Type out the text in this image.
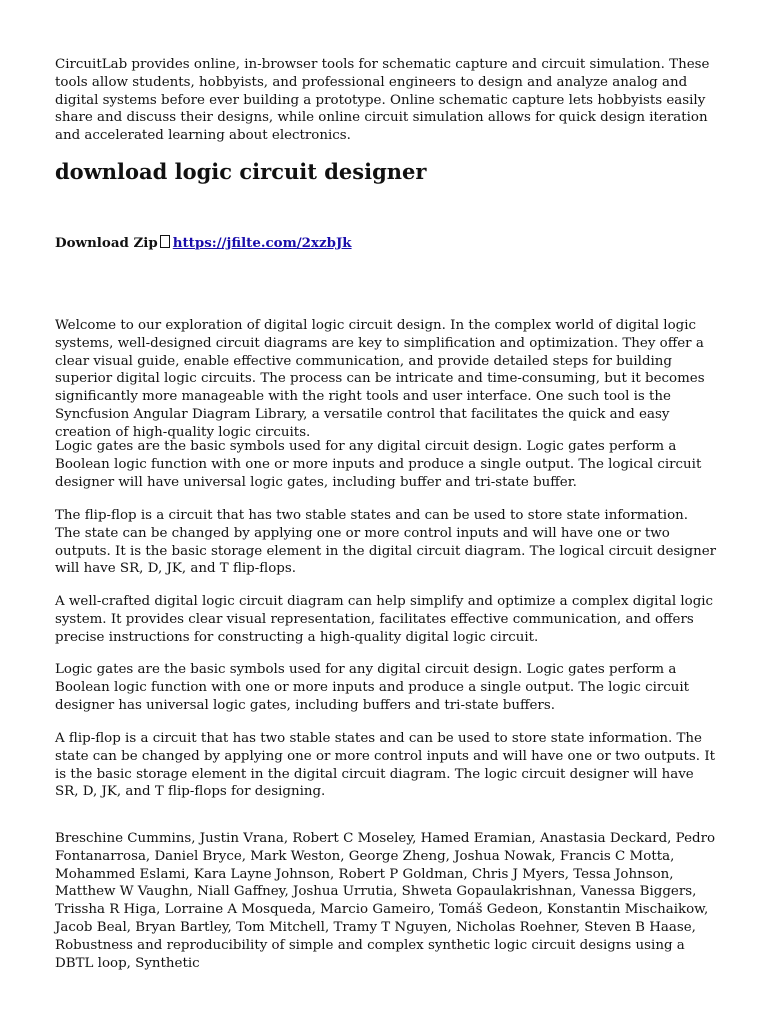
CircuitLab provides online, in-browser tools for schematic capture and circuit simulation. These tools allow students, hobbyists, and professional engineers to design and analyze analog and digital systems before ever building a prototype. Online schematic capture lets hobbyists easily share and discuss their designs, while online circuit simulation allows for quick design iteration and accelerated learning about electronics.

download logic circuit designer

Download Zip https://jfilte.com/2xzbJk

Welcome to our exploration of digital logic circuit design. In the complex world of digital logic systems, well-designed circuit diagrams are key to simplification and optimization. They offer a clear visual guide, enable effective communication, and provide detailed steps for building superior digital logic circuits. The process can be intricate and time-consuming, but it becomes significantly more manageable with the right tools and user interface. One such tool is the Syncfusion Angular Diagram Library, a versatile control that facilitates the quick and easy creation of high-quality logic circuits.

Logic gates are the basic symbols used for any digital circuit design. Logic gates perform a Boolean logic function with one or more inputs and produce a single output. The logical circuit designer will have universal logic gates, including buffer and tri-state buffer.

The flip-flop is a circuit that has two stable states and can be used to store state information. The state can be changed by applying one or more control inputs and will have one or two outputs. It is the basic storage element in the digital circuit diagram. The logical circuit designer will have SR, D, JK, and T flip-flops.

A well-crafted digital logic circuit diagram can help simplify and optimize a complex digital logic system. It provides clear visual representation, facilitates effective communication, and offers precise instructions for constructing a high-quality digital logic circuit.

Logic gates are the basic symbols used for any digital circuit design. Logic gates perform a Boolean logic function with one or more inputs and produce a single output. The logic circuit designer has universal logic gates, including buffers and tri-state buffers.

A flip-flop is a circuit that has two stable states and can be used to store state information. The state can be changed by applying one or more control inputs and will have one or two outputs. It is the basic storage element in the digital circuit diagram. The logic circuit designer will have SR, D, JK, and T flip-flops for designing.

Breschine Cummins, Justin Vrana, Robert C Moseley, Hamed Eramian, Anastasia Deckard, Pedro Fontanarrosa, Daniel Bryce, Mark Weston, George Zheng, Joshua Nowak, Francis C Motta, Mohammed Eslami, Kara Layne Johnson, Robert P Goldman, Chris J Myers, Tessa Johnson, Matthew W Vaughn, Niall Gaffney, Joshua Urrutia, Shweta Gopaulakrishnan, Vanessa Biggers, Trissha R Higa, Lorraine A Mosqueda, Marcio Gameiro, Tomáš Gedeon, Konstantin Mischaikow, Jacob Beal, Bryan Bartley, Tom Mitchell, Tramy T Nguyen, Nicholas Roehner, Steven B Haase, Robustness and reproducibility of simple and complex synthetic logic circuit designs using a DBTL loop, Synthetic
